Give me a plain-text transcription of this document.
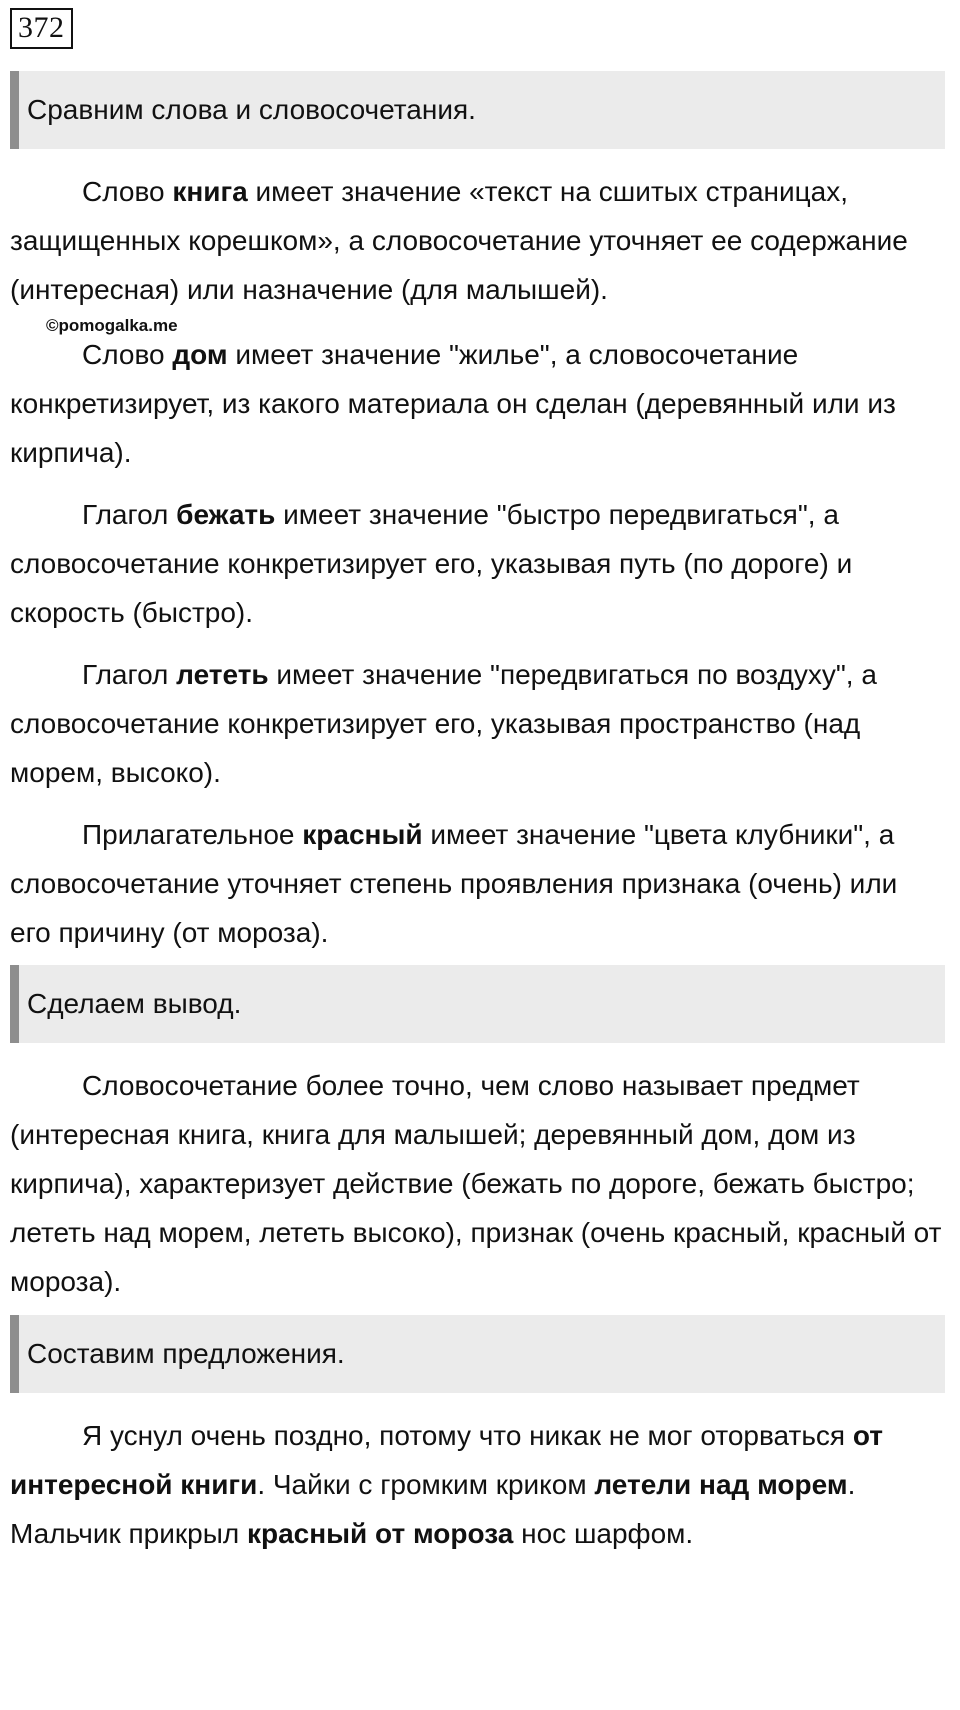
372
Сравним слова и словосочетания.

Слово книга имеет значение «текст на сшитых страницах, защищенных корешком», а словосочетание уточняет ее содержание (интересная) или назначение (для малышей).

©pomogalka.me

Слово дом имеет значение "жилье", а словосочетание конкретизирует, из какого материала он сделан (деревянный или из кирпича).

Глагол бежать имеет значение "быстро передвигаться", а словосочетание конкретизирует его, указывая путь (по дороге) и скорость (быстро).

Глагол лететь имеет значение "передвигаться по воздуху", а словосочетание конкретизирует его, указывая пространство (над морем, высоко).

Прилагательное красный имеет значение "цвета клубники", а словосочетание уточняет степень проявления признака (очень) или его причину (от мороза).

Сделаем вывод.

Словосочетание более точно, чем слово называет предмет (интересная книга, книга для малышей; деревянный дом, дом из кирпича), характеризует действие (бежать по дороге, бежать быстро; лететь над морем, лететь высоко), признак (очень красный, красный от мороза).

Составим предложения.

Я уснул очень поздно, потому что никак не мог оторваться от интересной книги. Чайки с громким криком летели над морем. Мальчик прикрыл красный от мороза нос шарфом.
